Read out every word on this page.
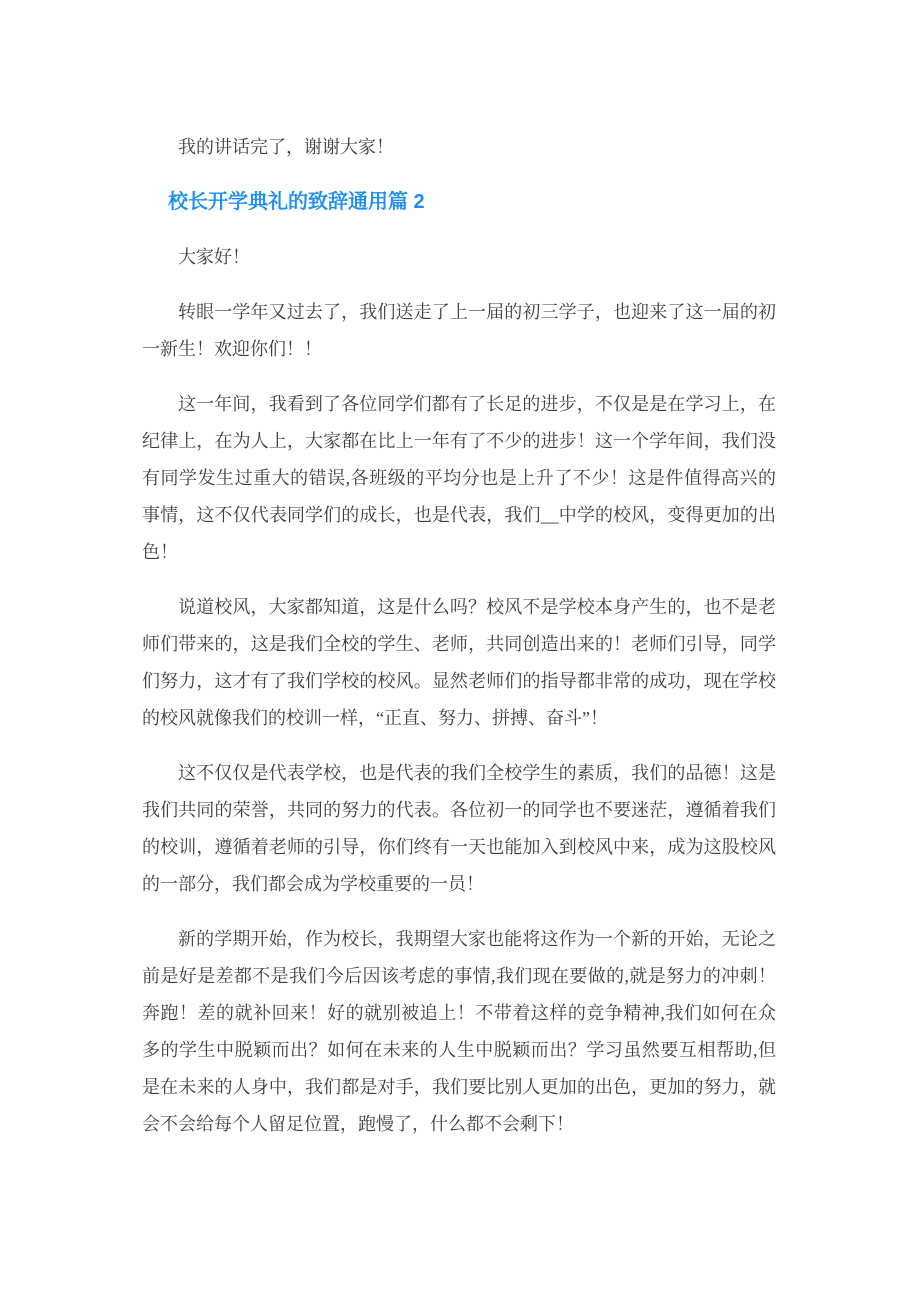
我的讲话完了，谢谢大家！

校长开学典礼的致辞通用篇 2

大家好！

转眼一学年又过去了，我们送走了上一届的初三学子，也迎来了这一届的初一新生！欢迎你们！！

这一年间，我看到了各位同学们都有了长足的进步，不仅是是在学习上，在纪律上，在为人上，大家都在比上一年有了不少的进步！这一个学年间，我们没有同学发生过重大的错误,各班级的平均分也是上升了不少！这是件值得高兴的事情，这不仅代表同学们的成长，也是代表，我们__中学的校风，变得更加的出色！

说道校风，大家都知道，这是什么吗？校风不是学校本身产生的，也不是老师们带来的，这是我们全校的学生、老师，共同创造出来的！老师们引导，同学们努力，这才有了我们学校的校风。显然老师们的指导都非常的成功，现在学校的校风就像我们的校训一样，“正直、努力、拼搏、奋斗”！

这不仅仅是代表学校，也是代表的我们全校学生的素质，我们的品德！这是我们共同的荣誉，共同的努力的代表。各位初一的同学也不要迷茫，遵循着我们的校训，遵循着老师的引导，你们终有一天也能加入到校风中来，成为这股校风的一部分，我们都会成为学校重要的一员！

新的学期开始，作为校长，我期望大家也能将这作为一个新的开始，无论之前是好是差都不是我们今后因该考虑的事情,我们现在要做的,就是努力的冲刺！奔跑！差的就补回来！好的就别被追上！不带着这样的竞争精神,我们如何在众多的学生中脱颖而出？如何在未来的人生中脱颖而出？学习虽然要互相帮助,但是在未来的人身中，我们都是对手，我们要比别人更加的出色，更加的努力，就会不会给每个人留足位置，跑慢了，什么都不会剩下！
